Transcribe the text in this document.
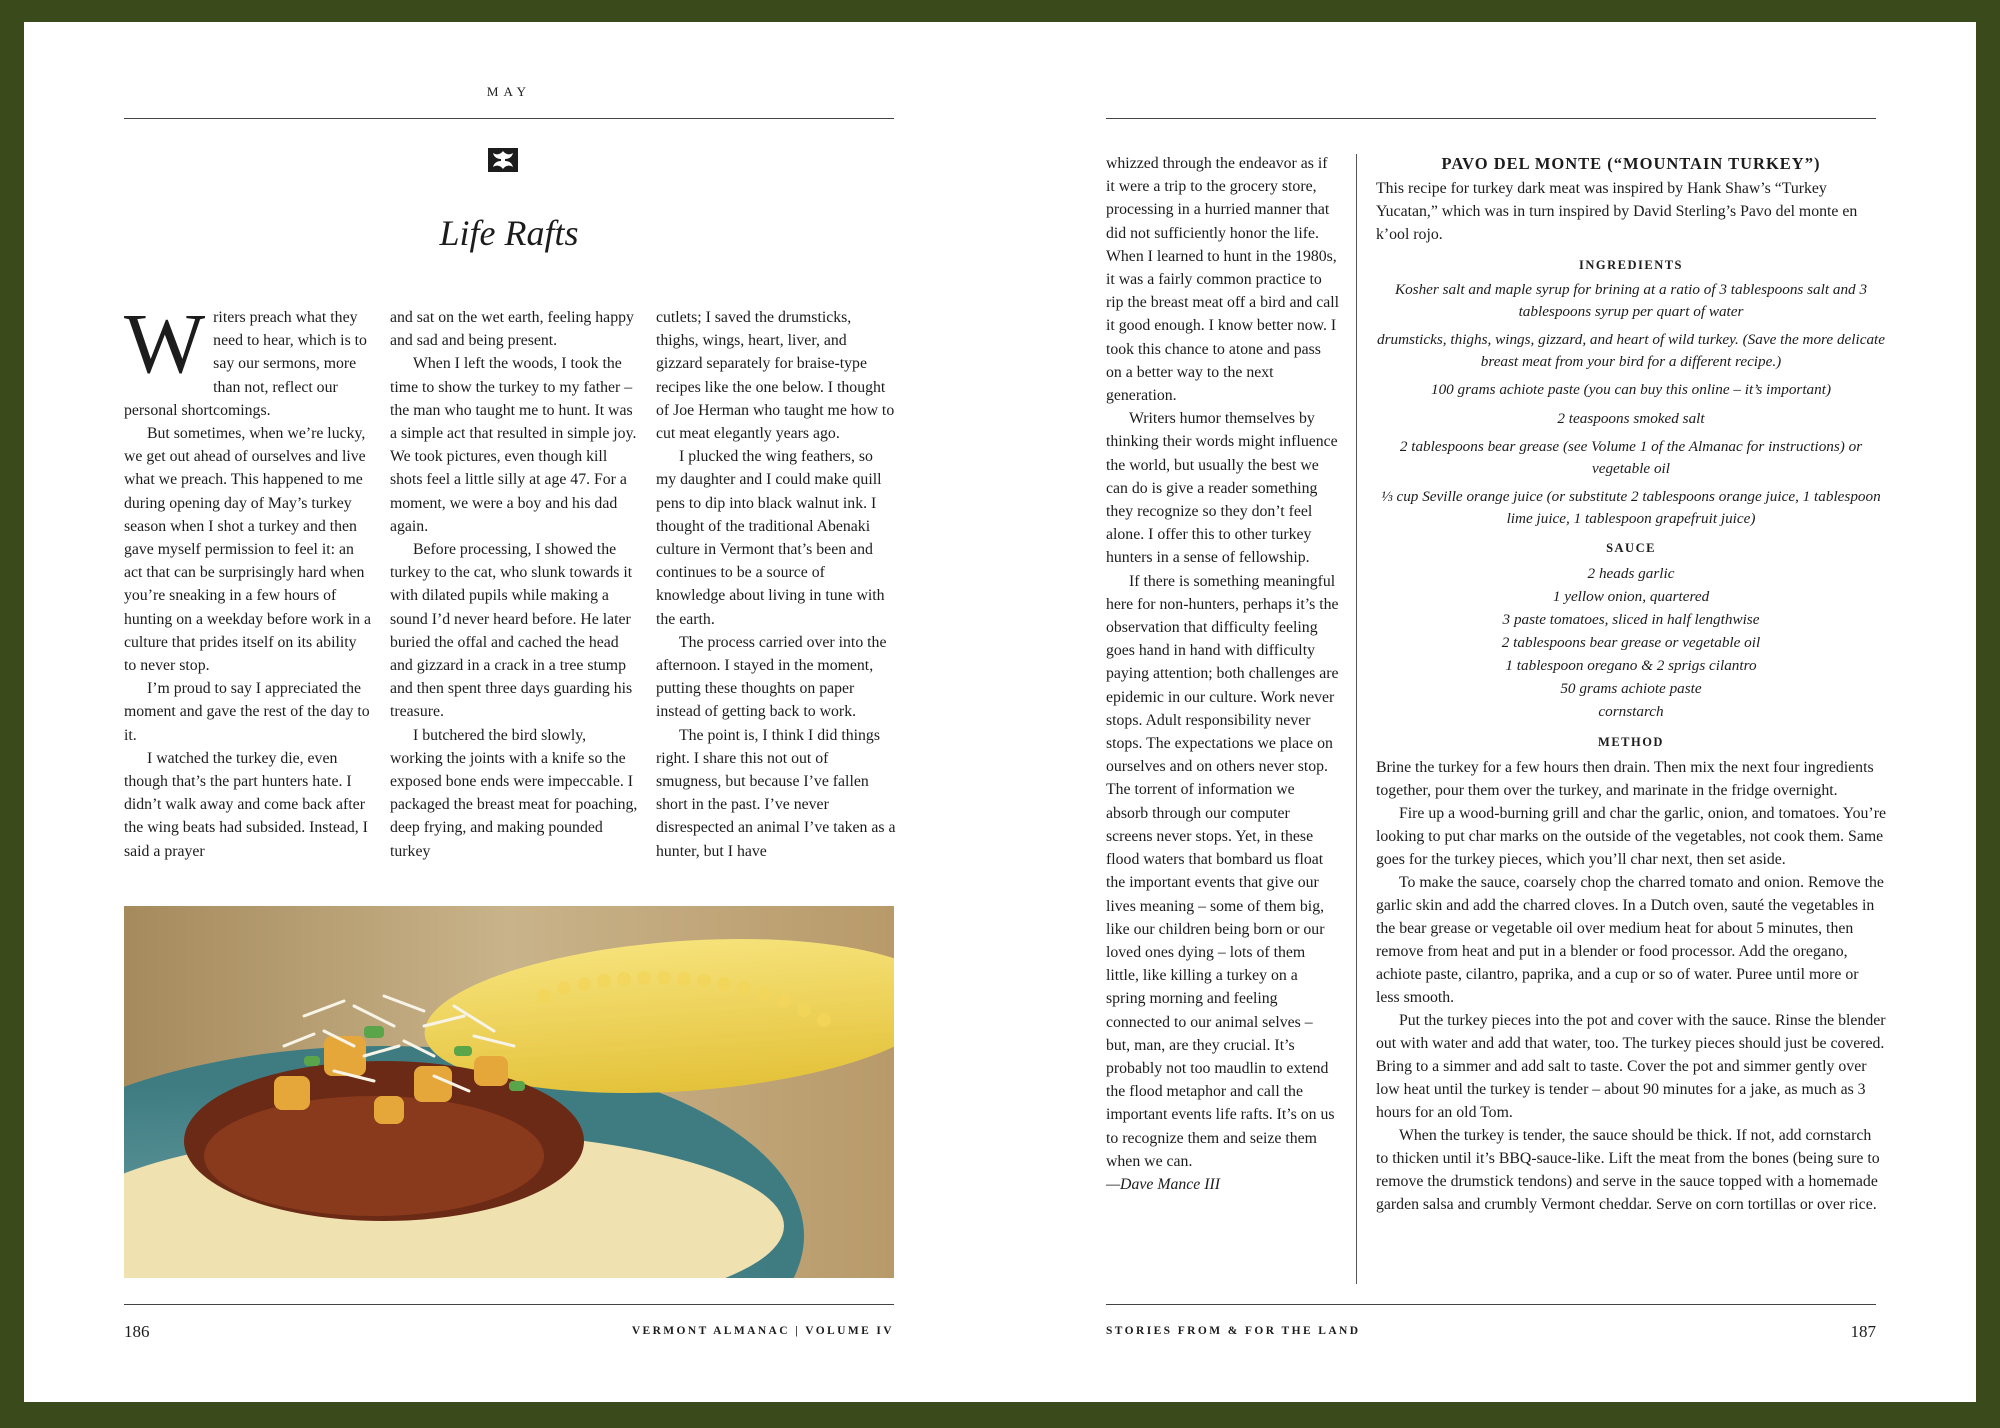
MAY
Life Rafts

Writers preach what they need to hear, which is to say our sermons, more than not, reflect our personal shortcomings.

But sometimes, when we’re lucky, we get out ahead of ourselves and live what we preach. This happened to me during opening day of May’s turkey season when I shot a turkey and then gave myself permission to feel it: an act that can be surprisingly hard when you’re sneaking in a few hours of hunting on a weekday before work in a culture that prides itself on its ability to never stop.

I’m proud to say I appreciated the moment and gave the rest of the day to it.

I watched the turkey die, even though that’s the part hunters hate. I didn’t walk away and come back after the wing beats had subsided. Instead, I said a prayer

and sat on the wet earth, feeling happy and sad and being present.

When I left the woods, I took the time to show the turkey to my father – the man who taught me to hunt. It was a simple act that resulted in simple joy. We took pictures, even though kill shots feel a little silly at age 47. For a moment, we were a boy and his dad again.

Before processing, I showed the turkey to the cat, who slunk towards it with dilated pupils while making a sound I’d never heard before. He later buried the offal and cached the head and gizzard in a crack in a tree stump and then spent three days guarding his treasure.

I butchered the bird slowly, working the joints with a knife so the exposed bone ends were impeccable. I packaged the breast meat for poaching, deep frying, and making pounded turkey

cutlets; I saved the drumsticks, thighs, wings, heart, liver, and gizzard separately for braise-type recipes like the one below. I thought of Joe Herman who taught me how to cut meat elegantly years ago.

I plucked the wing feathers, so my daughter and I could make quill pens to dip into black walnut ink. I thought of the traditional Abenaki culture in Vermont that’s been and continues to be a source of knowledge about living in tune with the earth.

The process carried over into the afternoon. I stayed in the moment, putting these thoughts on paper instead of getting back to work.

The point is, I think I did things right. I share this not out of smugness, but because I’ve fallen short in the past. I’ve never disrespected an animal I’ve taken as a hunter, but I have

186	VERMONT ALMANAC | VOLUME IV

whizzed through the endeavor as if it were a trip to the grocery store, processing in a hurried manner that did not sufficiently honor the life. When I learned to hunt in the 1980s, it was a fairly common practice to rip the breast meat off a bird and call it good enough. I know better now. I took this chance to atone and pass on a better way to the next generation.

Writers humor themselves by thinking their words might influence the world, but usually the best we can do is give a reader something they recognize so they don’t feel alone. I offer this to other turkey hunters in a sense of fellowship.

If there is something meaningful here for non-hunters, perhaps it’s the observation that difficulty feeling goes hand in hand with difficulty paying attention; both challenges are epidemic in our culture. Work never stops. Adult responsibility never stops. The expectations we place on ourselves and on others never stop. The torrent of information we absorb through our computer screens never stops. Yet, in these flood waters that bombard us float the important events that give our lives meaning – some of them big, like our children being born or our loved ones dying – lots of them little, like killing a turkey on a spring morning and feeling connected to our animal selves – but, man, are they crucial. It’s probably not too maudlin to extend the flood metaphor and call the important events life rafts. It’s on us to recognize them and seize them when we can.

—Dave Mance III

PAVO DEL MONTE (“MOUNTAIN TURKEY”)

This recipe for turkey dark meat was inspired by Hank Shaw’s “Turkey Yucatan,” which was in turn inspired by David Sterling’s Pavo del monte en k’ool rojo.

INGREDIENTS

Kosher salt and maple syrup for brining at a ratio of 3 tablespoons salt and 3 tablespoons syrup per quart of water

drumsticks, thighs, wings, gizzard, and heart of wild turkey. (Save the more delicate breast meat from your bird for a different recipe.)

100 grams achiote paste (you can buy this online – it’s important)

2 teaspoons smoked salt

2 tablespoons bear grease (see Volume 1 of the Almanac for instructions) or vegetable oil

⅓ cup Seville orange juice (or substitute 2 tablespoons orange juice, 1 tablespoon lime juice, 1 tablespoon grapefruit juice)

SAUCE

2 heads garlic

1 yellow onion, quartered

3 paste tomatoes, sliced in half lengthwise

2 tablespoons bear grease or vegetable oil

1 tablespoon oregano & 2 sprigs cilantro

50 grams achiote paste

cornstarch

METHOD

Brine the turkey for a few hours then drain. Then mix the next four ingredients together, pour them over the turkey, and marinate in the fridge overnight.

Fire up a wood-burning grill and char the garlic, onion, and tomatoes. You’re looking to put char marks on the outside of the vegetables, not cook them. Same goes for the turkey pieces, which you’ll char next, then set aside.

To make the sauce, coarsely chop the charred tomato and onion. Remove the garlic skin and add the charred cloves. In a Dutch oven, sauté the vegetables in the bear grease or vegetable oil over medium heat for about 5 minutes, then remove from heat and put in a blender or food processor. Add the oregano, achiote paste, cilantro, paprika, and a cup or so of water. Puree until more or less smooth.

Put the turkey pieces into the pot and cover with the sauce. Rinse the blender out with water and add that water, too. The turkey pieces should just be covered. Bring to a simmer and add salt to taste. Cover the pot and simmer gently over low heat until the turkey is tender – about 90 minutes for a jake, as much as 3 hours for an old Tom.

When the turkey is tender, the sauce should be thick. If not, add cornstarch to thicken until it’s BBQ-sauce-like. Lift the meat from the bones (being sure to remove the drumstick tendons) and serve in the sauce topped with a homemade garden salsa and crumbly Vermont cheddar. Serve on corn tortillas or over rice.

STORIES FROM & FOR THE LAND	187
